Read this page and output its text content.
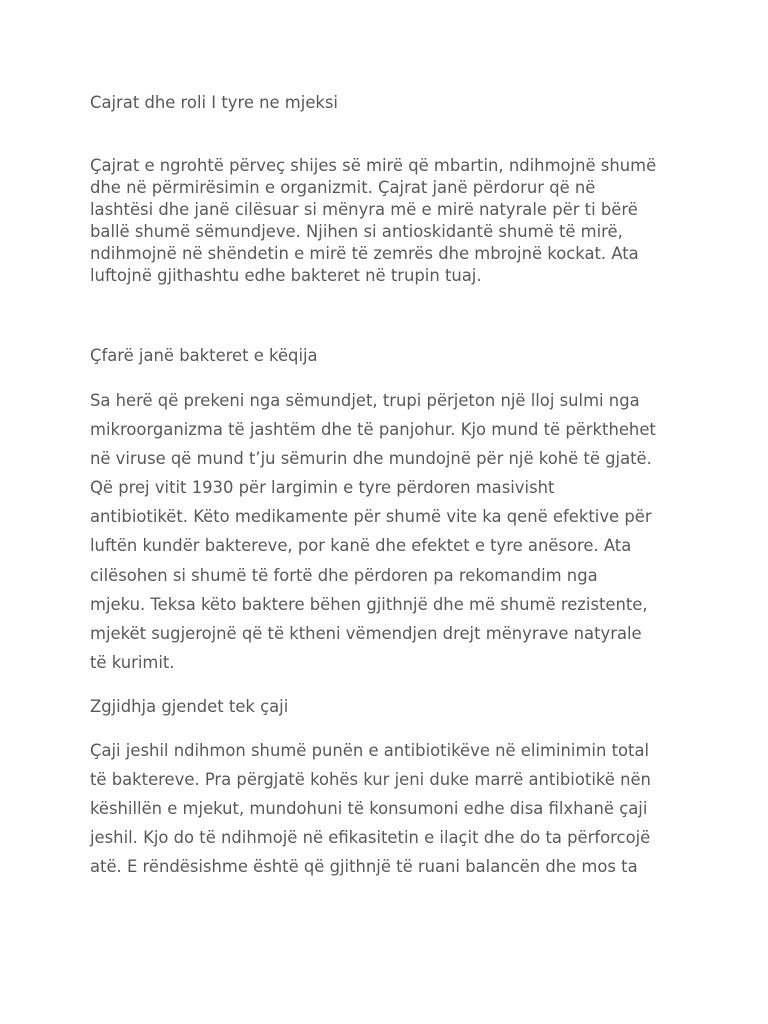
Cajrat dhe roli I tyre ne mjeksi

Çajrat e ngrohtë përveç shijes së mirë që mbartin, ndihmojnë shumë
dhe në përmirësimin e organizmit. Çajrat janë përdorur që në
lashtësi dhe janë cilësuar si mënyra më e mirë natyrale për ti bërë
ballë shumë sëmundjeve. Njihen si antioskidantë shumë të mirë,
ndihmojnë në shëndetin e mirë të zemrës dhe mbrojnë kockat. Ata
luftojnë gjithashtu edhe bakteret në trupin tuaj.

Çfarë janë bakteret e këqija

Sa herë që prekeni nga sëmundjet, trupi përjeton një lloj sulmi nga
mikroorganizma të jashtëm dhe të panjohur. Kjo mund të përkthehet
në viruse që mund t’ju sëmurin dhe mundojnë për një kohë të gjatë.
Që prej vitit 1930 për largimin e tyre përdoren masivisht
antibiotikët. Këto medikamente për shumë vite ka qenë efektive për
luftën kundër baktereve, por kanë dhe efektet e tyre anësore. Ata
cilësohen si shumë të fortë dhe përdoren pa rekomandim nga
mjeku. Teksa këto baktere bëhen gjithnjë dhe më shumë rezistente,
mjekët sugjerojnë që të ktheni vëmendjen drejt mënyrave natyrale
të kurimit.

Zgjidhja gjendet tek çaji

Çaji jeshil ndihmon shumë punën e antibiotikëve në eliminimin total
të baktereve. Pra përgjatë kohës kur jeni duke marrë antibiotikë nën
këshillën e mjekut, mundohuni të konsumoni edhe disa filxhanë çaji
jeshil. Kjo do të ndihmojë në efikasitetin e ilaçit dhe do ta përforcojë
atë. E rëndësishme është që gjithnjë të ruani balancën dhe mos ta
